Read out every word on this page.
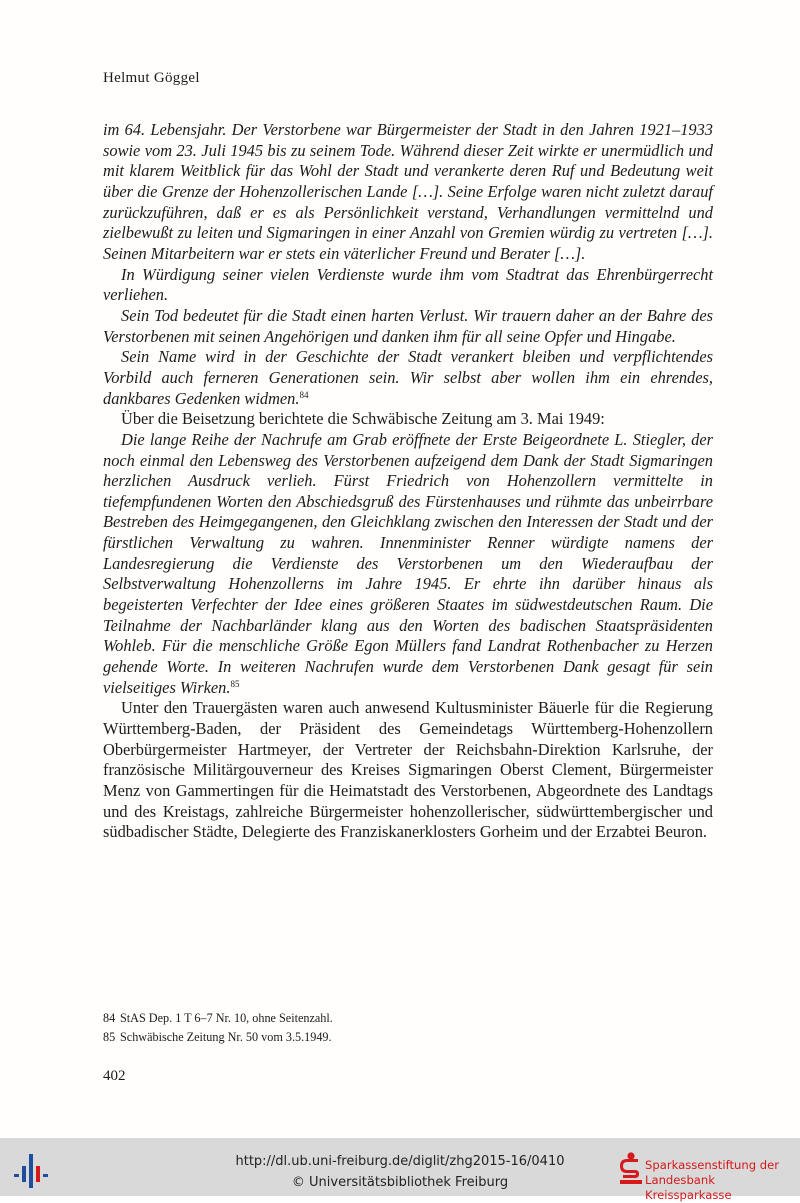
Helmut Göggel

im 64. Lebensjahr. Der Verstorbene war Bürgermeister der Stadt in den Jahren 1921–1933 sowie vom 23. Juli 1945 bis zu seinem Tode. Während dieser Zeit wirkte er unermüdlich und mit klarem Weitblick für das Wohl der Stadt und verankerte deren Ruf und Bedeutung weit über die Grenze der Hohenzollerischen Lande […]. Seine Erfolge waren nicht zuletzt darauf zurückzuführen, daß er es als Persönlichkeit verstand, Verhandlungen vermittelnd und zielbewußt zu leiten und Sigmaringen in einer Anzahl von Gremien würdig zu vertreten […]. Seinen Mitarbeitern war er stets ein väterlicher Freund und Berater […].

In Würdigung seiner vielen Verdienste wurde ihm vom Stadtrat das Ehrenbürgerrecht verliehen.

Sein Tod bedeutet für die Stadt einen harten Verlust. Wir trauern daher an der Bahre des Verstorbenen mit seinen Angehörigen und danken ihm für all seine Opfer und Hingabe.

Sein Name wird in der Geschichte der Stadt verankert bleiben und verpflichtendes Vorbild auch ferneren Generationen sein. Wir selbst aber wollen ihm ein ehrendes, dankbares Gedenken widmen.$^{84}$

Über die Beisetzung berichtete die Schwäbische Zeitung am 3. Mai 1949:

Die lange Reihe der Nachrufe am Grab eröffnete der Erste Beigeordnete L. Stiegler, der noch einmal den Lebensweg des Verstorbenen aufzeigend dem Dank der Stadt Sigmaringen herzlichen Ausdruck verlieh. Fürst Friedrich von Hohenzollern vermittelte in tiefempfundenen Worten den Abschiedsgruß des Fürstenhauses und rühmte das unbeirrbare Bestreben des Heimgegangenen, den Gleichklang zwischen den Interessen der Stadt und der fürstlichen Verwaltung zu wahren. Innenminister Renner würdigte namens der Landesregierung die Verdienste des Verstorbenen um den Wiederaufbau der Selbstverwaltung Hohenzollerns im Jahre 1945. Er ehrte ihn darüber hinaus als begeisterten Verfechter der Idee eines größeren Staates im südwestdeutschen Raum. Die Teilnahme der Nachbarländer klang aus den Worten des badischen Staatspräsidenten Wohleb. Für die menschliche Größe Egon Müllers fand Landrat Rothenbacher zu Herzen gehende Worte. In weiteren Nachrufen wurde dem Verstorbenen Dank gesagt für sein vielseitiges Wirken.$^{85}$

Unter den Trauergästen waren auch anwesend Kultusminister Bäuerle für die Regierung Württemberg-Baden, der Präsident des Gemeindetags Württemberg-Hohenzollern Oberbürgermeister Hartmeyer, der Vertreter der Reichsbahn-Direktion Karlsruhe, der französische Militärgouverneur des Kreises Sigmaringen Oberst Clement, Bürgermeister Menz von Gammertingen für die Heimatstadt des Verstorbenen, Abgeordnete des Landtags und des Kreistags, zahlreiche Bürgermeister hohenzollerischer, südwürttembergischer und südbadischer Städte, Delegierte des Franziskanerklosters Gorheim und der Erzabtei Beuron.

84 StAS Dep. 1 T 6–7 Nr. 10, ohne Seitenzahl.
85 Schwäbische Zeitung Nr. 50 vom 3.5.1949.
402
http://dl.ub.uni-freiburg.de/diglit/zhg2015-16/0410
© Universitätsbibliothek Freiburg
Sparkassenstiftung der
Landesbank Kreissparkasse
